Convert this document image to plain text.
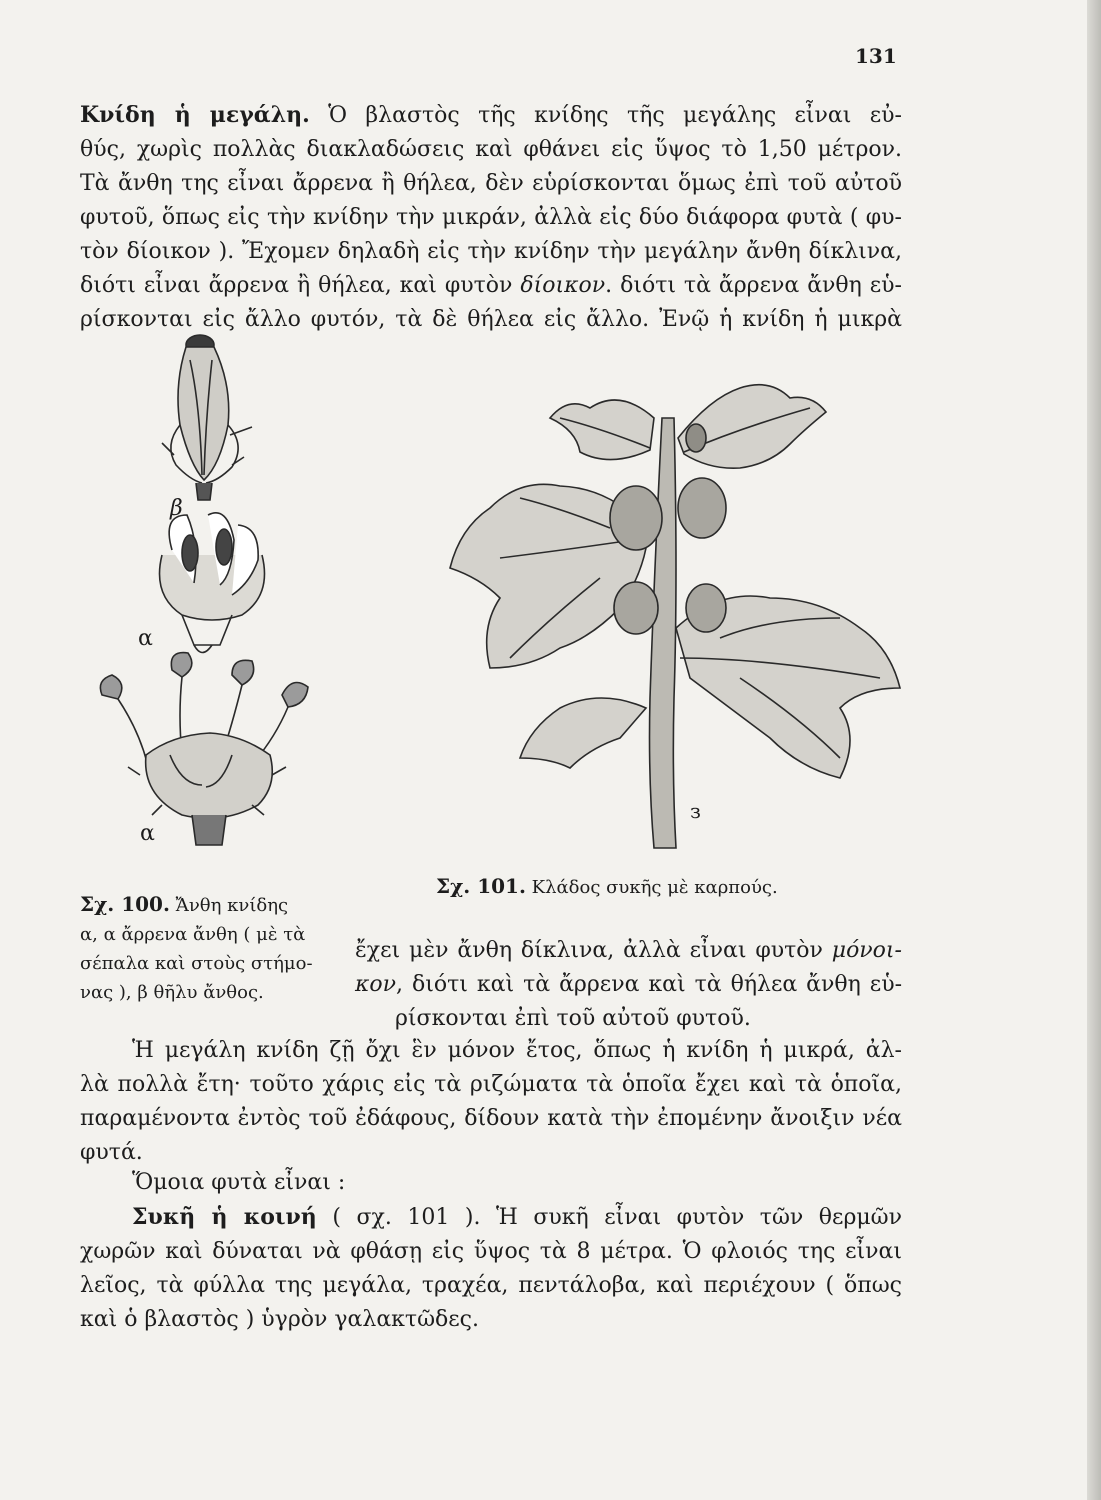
131

Κνίδη ἡ μεγάλη. Ὁ βλαστὸς τῆς κνίδης τῆς μεγάλης εἶναι εὐ-
θύς, χωρὶς πολλὰς διακλαδώσεις καὶ φθάνει εἰς ὕψος τὸ 1,50 μέτρον.
Τὰ ἄνθη της εἶναι ἄρρενα ἢ θήλεα, δὲν εὑρίσκονται ὅμως ἐπὶ τοῦ αὐτοῦ
φυτοῦ, ὅπως εἰς τὴν κνίδην τὴν μικράν, ἀλλὰ εἰς δύο διάφορα φυτὰ ( φυ-
τὸν δίοικον ). Ἔχομεν δηλαδὴ εἰς τὴν κνίδην τὴν μεγάλην ἄνθη δίκλινα,
διότι εἶναι ἄρρενα ἢ θήλεα, καὶ φυτὸν δίοικον. διότι τὰ ἄρρενα ἄνθη εὑ-
ρίσκονται εἰς ἄλλο φυτόν, τὰ δὲ θήλεα εἰς ἄλλο. Ἐνῷ ἡ κνίδη ἡ μικρὰ

β
α
α
з
Σχ. 101. Κλάδος συκῆς μὲ καρπούς.
Σχ. 100. Ἄνθη κνίδης
α, α ἄρρενα ἄνθη ( μὲ τὰ
σέπαλα καὶ στοὺς στήμο-
νας ), β θῆλυ ἄνθος.

ἔχει μὲν ἄνθη δίκλινα, ἀλλὰ εἶναι φυτὸν μόνοι-
κον, διότι καὶ τὰ ἄρρενα καὶ τὰ θήλεα ἄνθη εὑ-
ρίσκονται ἐπὶ τοῦ αὐτοῦ φυτοῦ.

Ἡ μεγάλη κνίδη ζῇ ὄχι ἓν μόνον ἔτος, ὅπως ἡ κνίδη ἡ μικρά, ἀλ-
λὰ πολλὰ ἔτη· τοῦτο χάρις εἰς τὰ ριζώματα τὰ ὁποῖα ἔχει καὶ τὰ ὁποῖα,
παραμένοντα ἐντὸς τοῦ ἐδάφους, δίδουν κατὰ τὴν ἐπομένην ἄνοιξιν νέα
φυτά.

Ὅμοια φυτὰ εἶναι :

Συκῆ ἡ κοινή ( σχ. 101 ). Ἡ συκῆ εἶναι φυτὸν τῶν θερμῶν
χωρῶν καὶ δύναται νὰ φθάσῃ εἰς ὕψος τὰ 8 μέτρα. Ὁ φλοιός της εἶναι
λεῖος, τὰ φύλλα της μεγάλα, τραχέα, πεντάλοβα, καὶ περιέχουν ( ὅπως
καὶ ὁ βλαστὸς ) ὑγρὸν γαλακτῶδες.
